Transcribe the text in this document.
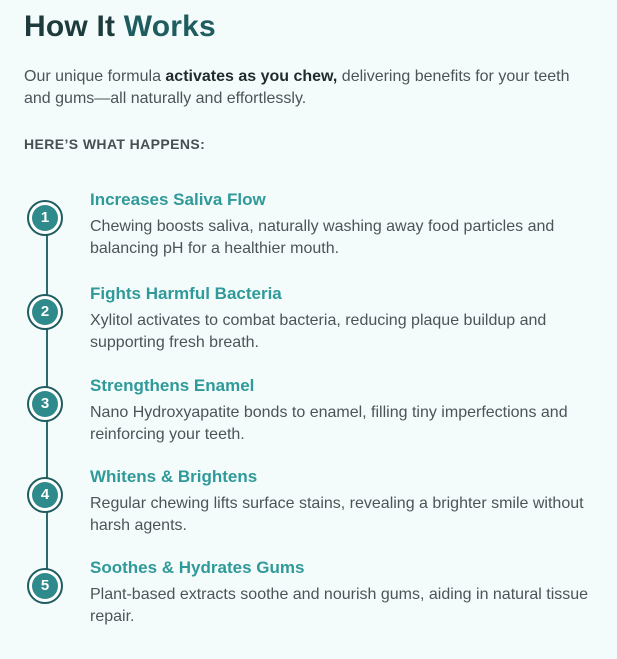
How It Works

Our unique formula activates as you chew, delivering benefits for your teeth and gums—all naturally and effortlessly.

HERE’S WHAT HAPPENS:
1
Increases Saliva Flow

Chewing boosts saliva, naturally washing away food particles and balancing pH for a healthier mouth.

2
Fights Harmful Bacteria

Xylitol activates to combat bacteria, reducing plaque buildup and supporting fresh breath.

3
Strengthens Enamel

Nano Hydroxyapatite bonds to enamel, filling tiny imperfections and reinforcing your teeth.

4
Whitens & Brightens

Regular chewing lifts surface stains, revealing a brighter smile without harsh agents.

5
Soothes & Hydrates Gums

Plant-based extracts soothe and nourish gums, aiding in natural tissue repair.
